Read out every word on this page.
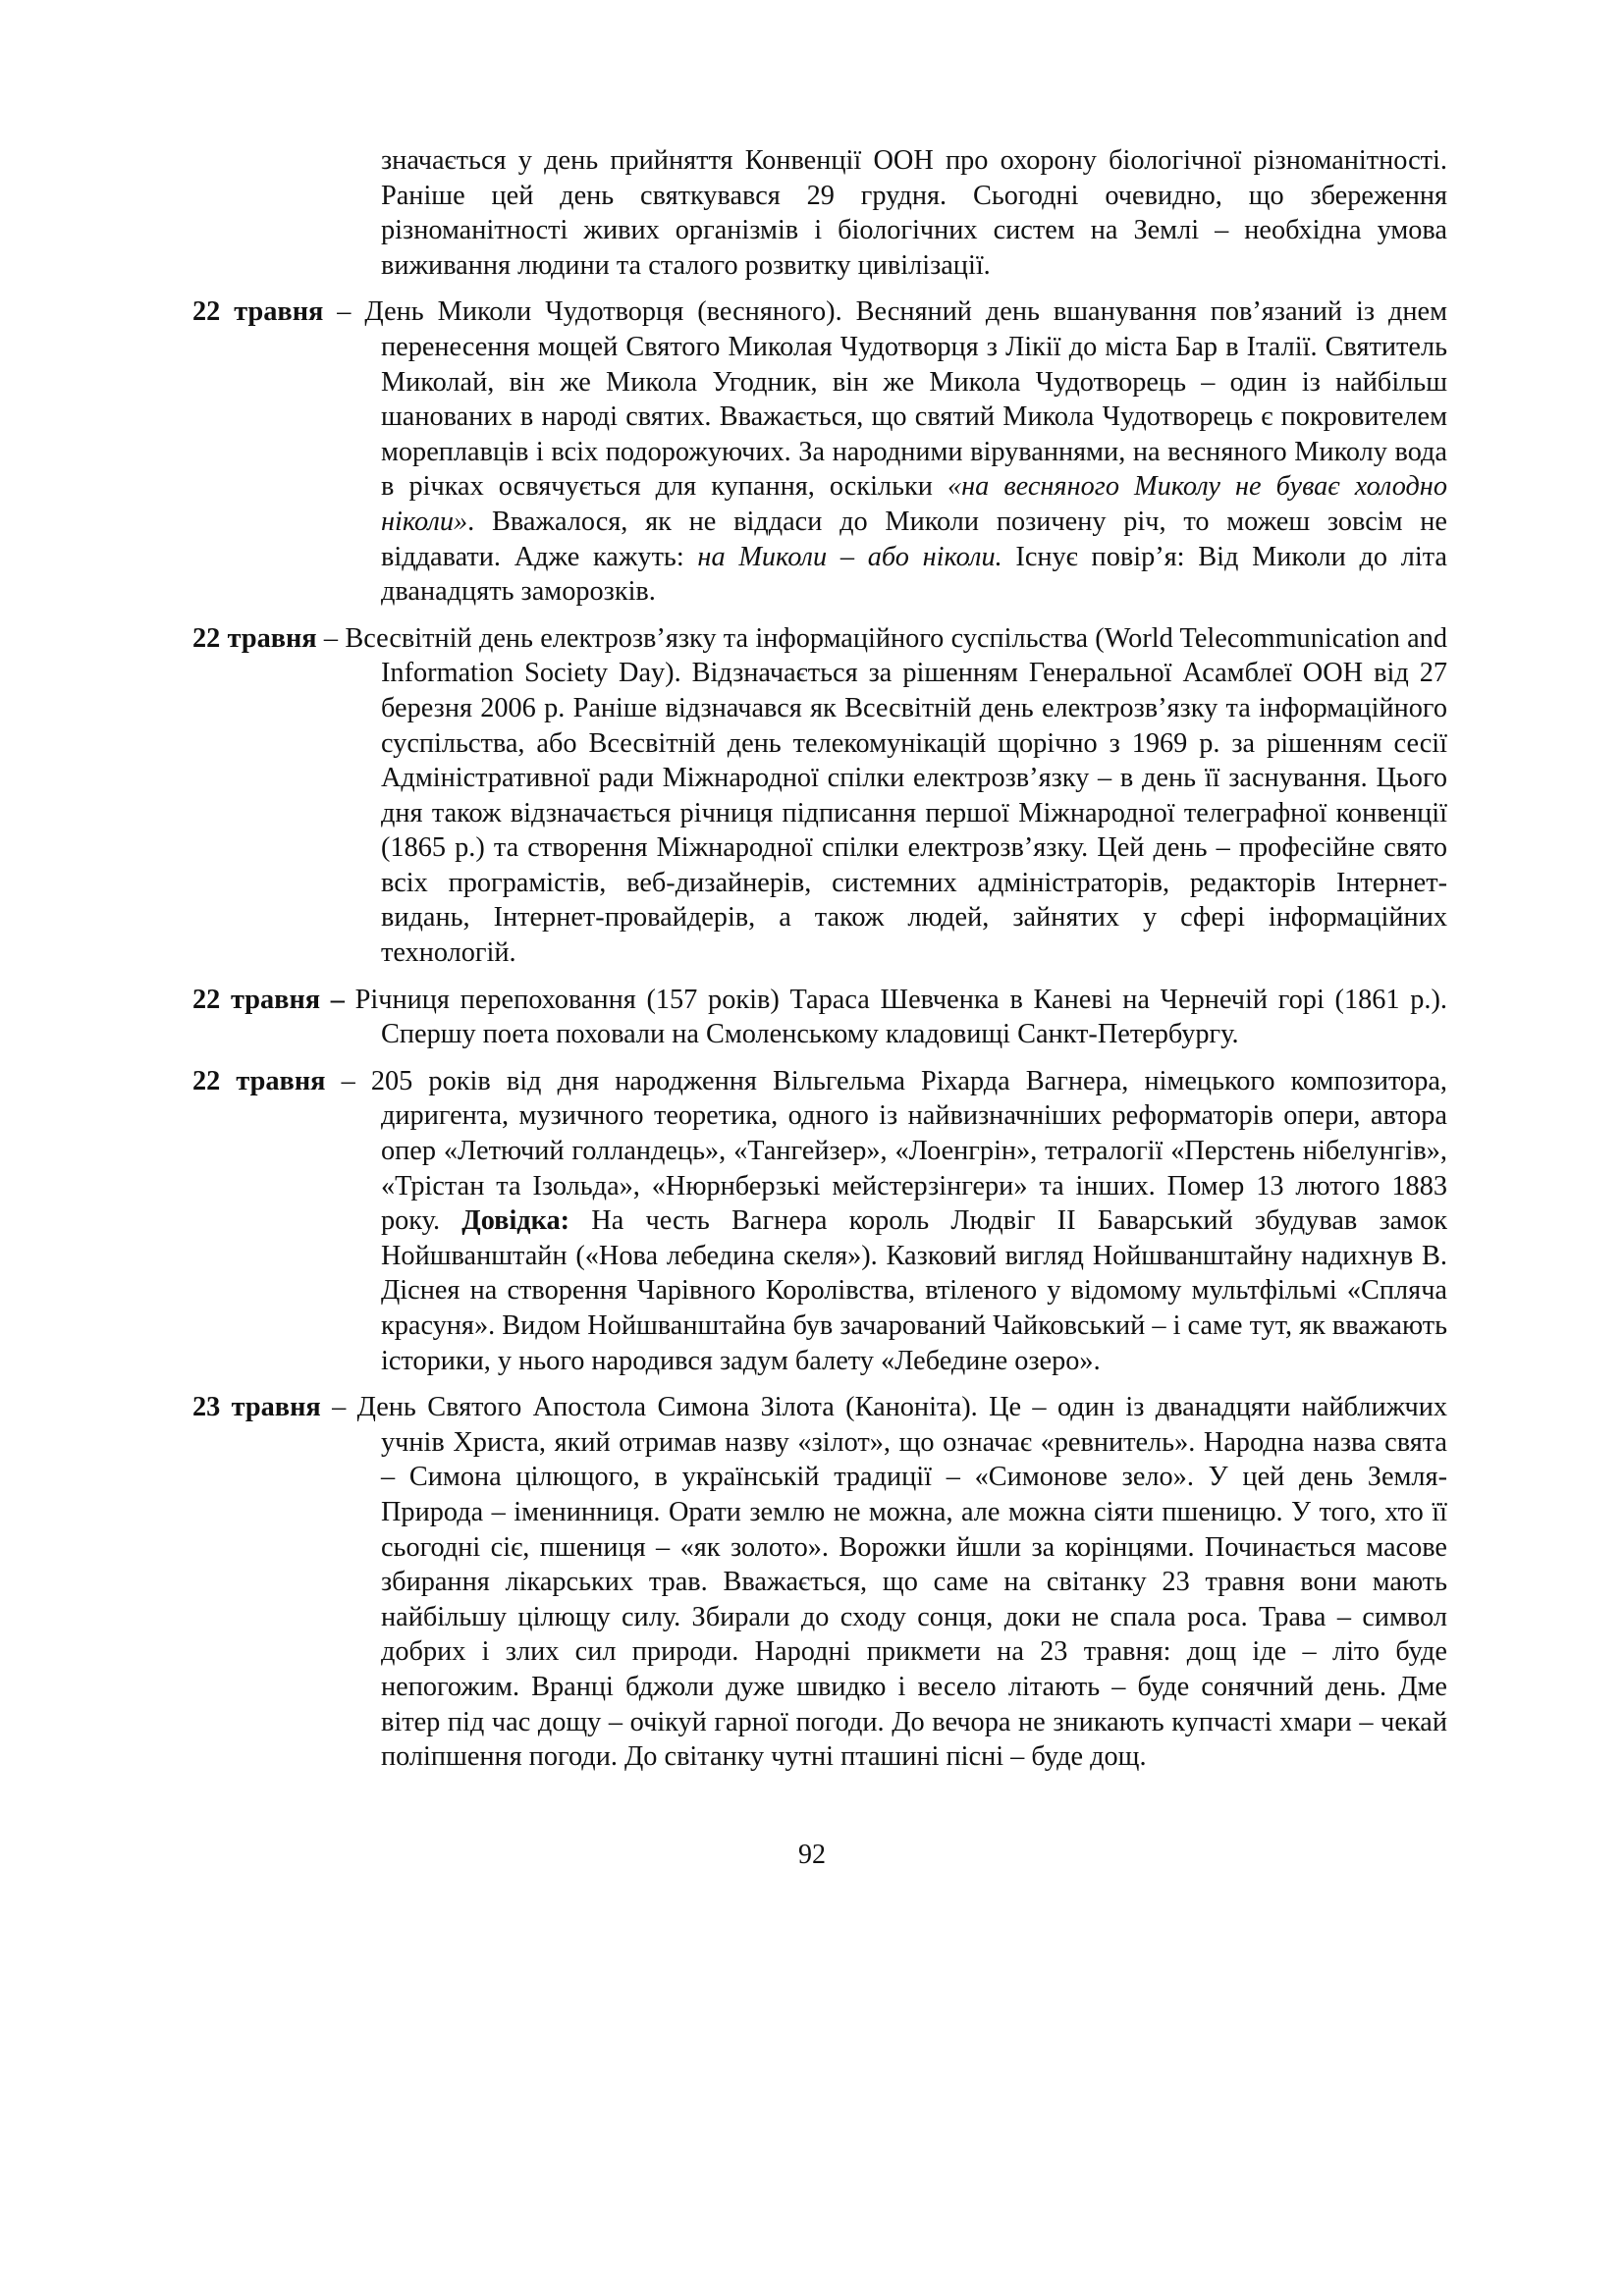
значається у день прийняття Конвенції ООН про охорону біологічної різноманітності. Раніше цей день святкувався 29 грудня. Сьогодні очевидно, що збереження різноманітності живих організмів і біологічних систем на Землі – необхідна умова виживання людини та сталого розвитку цивілізації.

22 травня – День Миколи Чудотворця (весняного). Весняний день вшанування пов’язаний із днем перенесення мощей Святого Миколая Чудотворця з Лікії до міста Бар в Італії. Святитель Миколай, він же Микола Угодник, він же Микола Чудотворець – один із найбільш шанованих в народі святих. Вважається, що святий Микола Чудотворець є покровителем мореплавців і всіх подорожуючих. За народними віруваннями, на весняного Миколу вода в річках освячується для купання, оскільки «на весняного Миколу не буває холодно ніколи». Вважалося, як не віддаси до Миколи позичену річ, то можеш зовсім не віддавати. Адже кажуть: на Миколи – або ніколи. Існує повір’я: Від Миколи до літа дванадцять заморозків.

22 травня – Всесвітній день електрозв’язку та інформаційного суспільства (World Telecommunication and Information Society Day). Відзначається за рішенням Генеральної Асамблеї ООН від 27 березня 2006 р. Раніше відзначався як Всесвітній день електрозв’язку та інформаційного суспільства, або Всесвітній день телекомунікацій щорічно з 1969 р. за рішенням сесії Адміністративної ради Міжнародної спілки електрозв’язку – в день її заснування. Цього дня також відзначається річниця підписання першої Міжнародної телеграфної конвенції (1865 р.) та створення Міжнародної спілки електрозв’язку. Цей день – професійне свято всіх програмістів, веб-дизайнерів, системних адміністраторів, редакторів Інтернет-видань, Інтернет-провайдерів, а також людей, зайнятих у сфері інформаційних технологій.

22 травня – Річниця перепоховання (157 років) Тараса Шевченка в Каневі на Чернечій горі (1861 р.). Спершу поета поховали на Смоленському кладовищі Санкт-Петербургу.

22 травня – 205 років від дня народження Вільгельма Ріхарда Вагнера, німецького композитора, диригента, музичного теоретика, одного із найвизначніших реформаторів опери, автора опер «Летючий голландець», «Тангейзер», «Лоенгрін», тетралогії «Перстень нібелунгів», «Трістан та Ізольда», «Нюрнберзькі мейстерзінгери» та інших. Помер 13 лютого 1883 року. Довідка: На честь Вагнера король Людвіг ІІ Баварський збудував замок Нойшванштайн («Нова лебедина скеля»). Казковий вигляд Нойшванштайну надихнув В. Діснея на створення Чарівного Королівства, втіленого у відомому мультфільмі «Спляча красуня». Видом Нойшванштайна був зачарований Чайковський – і саме тут, як вважають історики, у нього народився задум балету «Лебедине озеро».

23 травня – День Святого Апостола Симона Зілота (Каноніта). Це – один із дванадцяти найближчих учнів Христа, який отримав назву «зілот», що означає «ревнитель». Народна назва свята – Симона цілющого, в українській традиції – «Симонове зело». У цей день Земля-Природа – іменинниця. Орати землю не можна, але можна сіяти пшеницю. У того, хто її сьогодні сіє, пшениця – «як золото». Ворожки йшли за корінцями. Починається масове збирання лікарських трав. Вважається, що саме на світанку 23 травня вони мають найбільшу цілющу силу. Збирали до сходу сонця, доки не спала роса. Трава – символ добрих і злих сил природи. Народні прикмети на 23 травня: дощ іде – літо буде непогожим. Вранці бджоли дуже швидко і весело літають – буде сонячний день. Дме вітер під час дощу – очікуй гарної погоди. До вечора не зникають купчасті хмари – чекай поліпшення погоди. До світанку чутні пташині пісні – буде дощ.

92
